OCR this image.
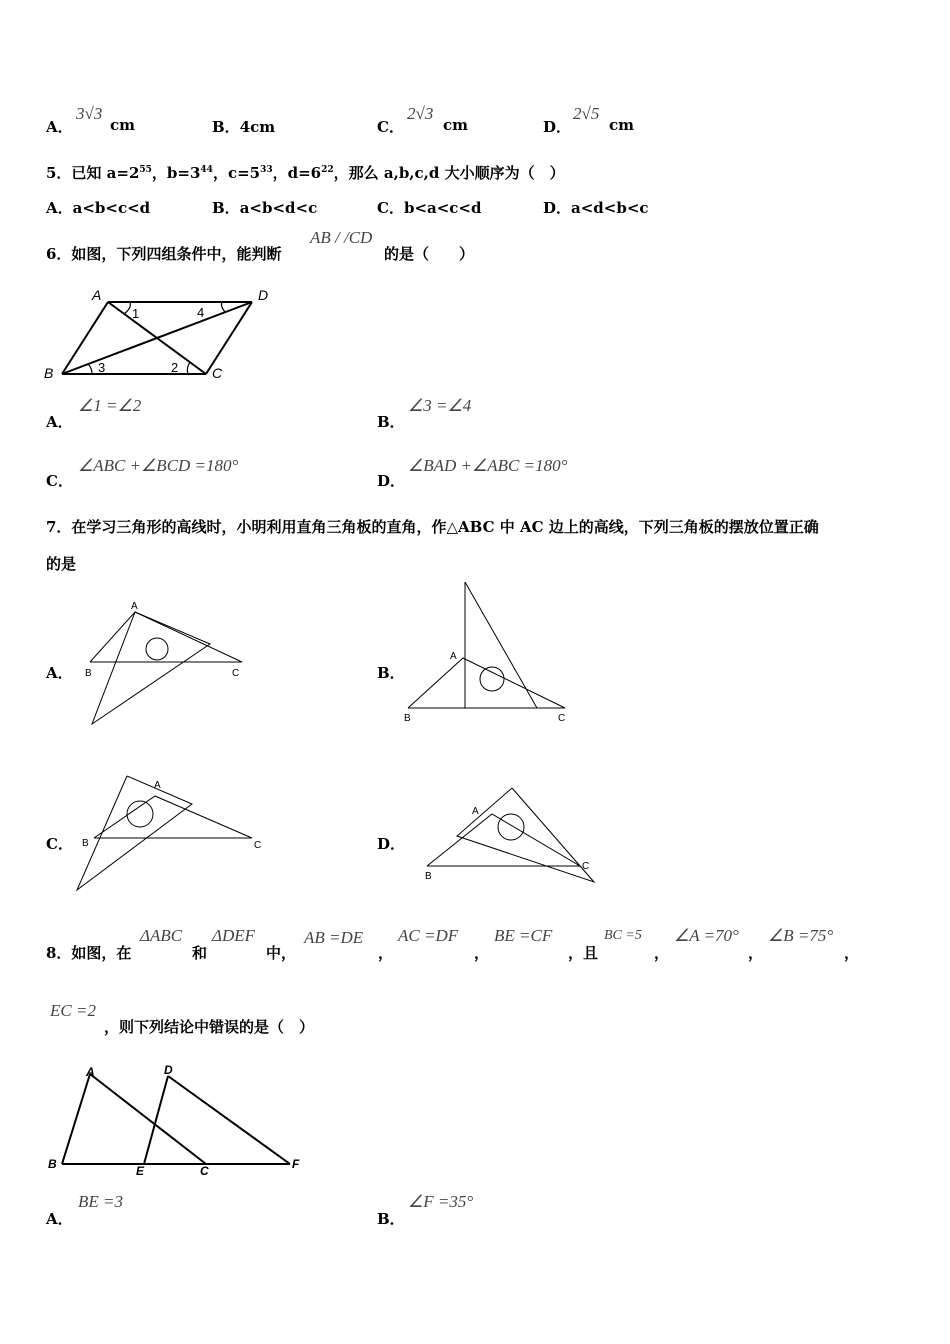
A．
3√3
cm	B．4cm	C．
2√3
cm	D．
2√5
cm
5．已知 $a=2^{55}$，$b=3^{44}$，$c=5^{33}$，$d=6^{22}$，那么 a,b,c,d 大小顺序为（　）
A．a<b<c<d	B．a<b<d<c	C．b<a<c<d	D．a<d<b<c
6．如图，下列四组条件中，能判断
AB / /CD
的是（　　）
A	D
B	C
1	4
2
3
A．
∠1 =∠2
B．
∠3 =∠4
C．
∠ABC +∠BCD =180°
D．
∠BAD +∠ABC =180°
7．在学习三角形的高线时，小明利用直角三角板的直角，作△ABC 中 AC 边上的高线，下列三角板的摆放位置正确
的是
A．
A
B	C	B．
A
B	C
C．
A
B	C	D．
A
B
C
8．如图，在
ΔABC
和
ΔDEF
中，
AB =DE
，
AC =DF
，
BE =CF
，且
BC =5
，
∠A =70°
，
∠B =75°
，
EC =2
，则下列结论中错误的是（　）
A	D
B	E	C	F
A．
BE =3
B．
∠F =35°
